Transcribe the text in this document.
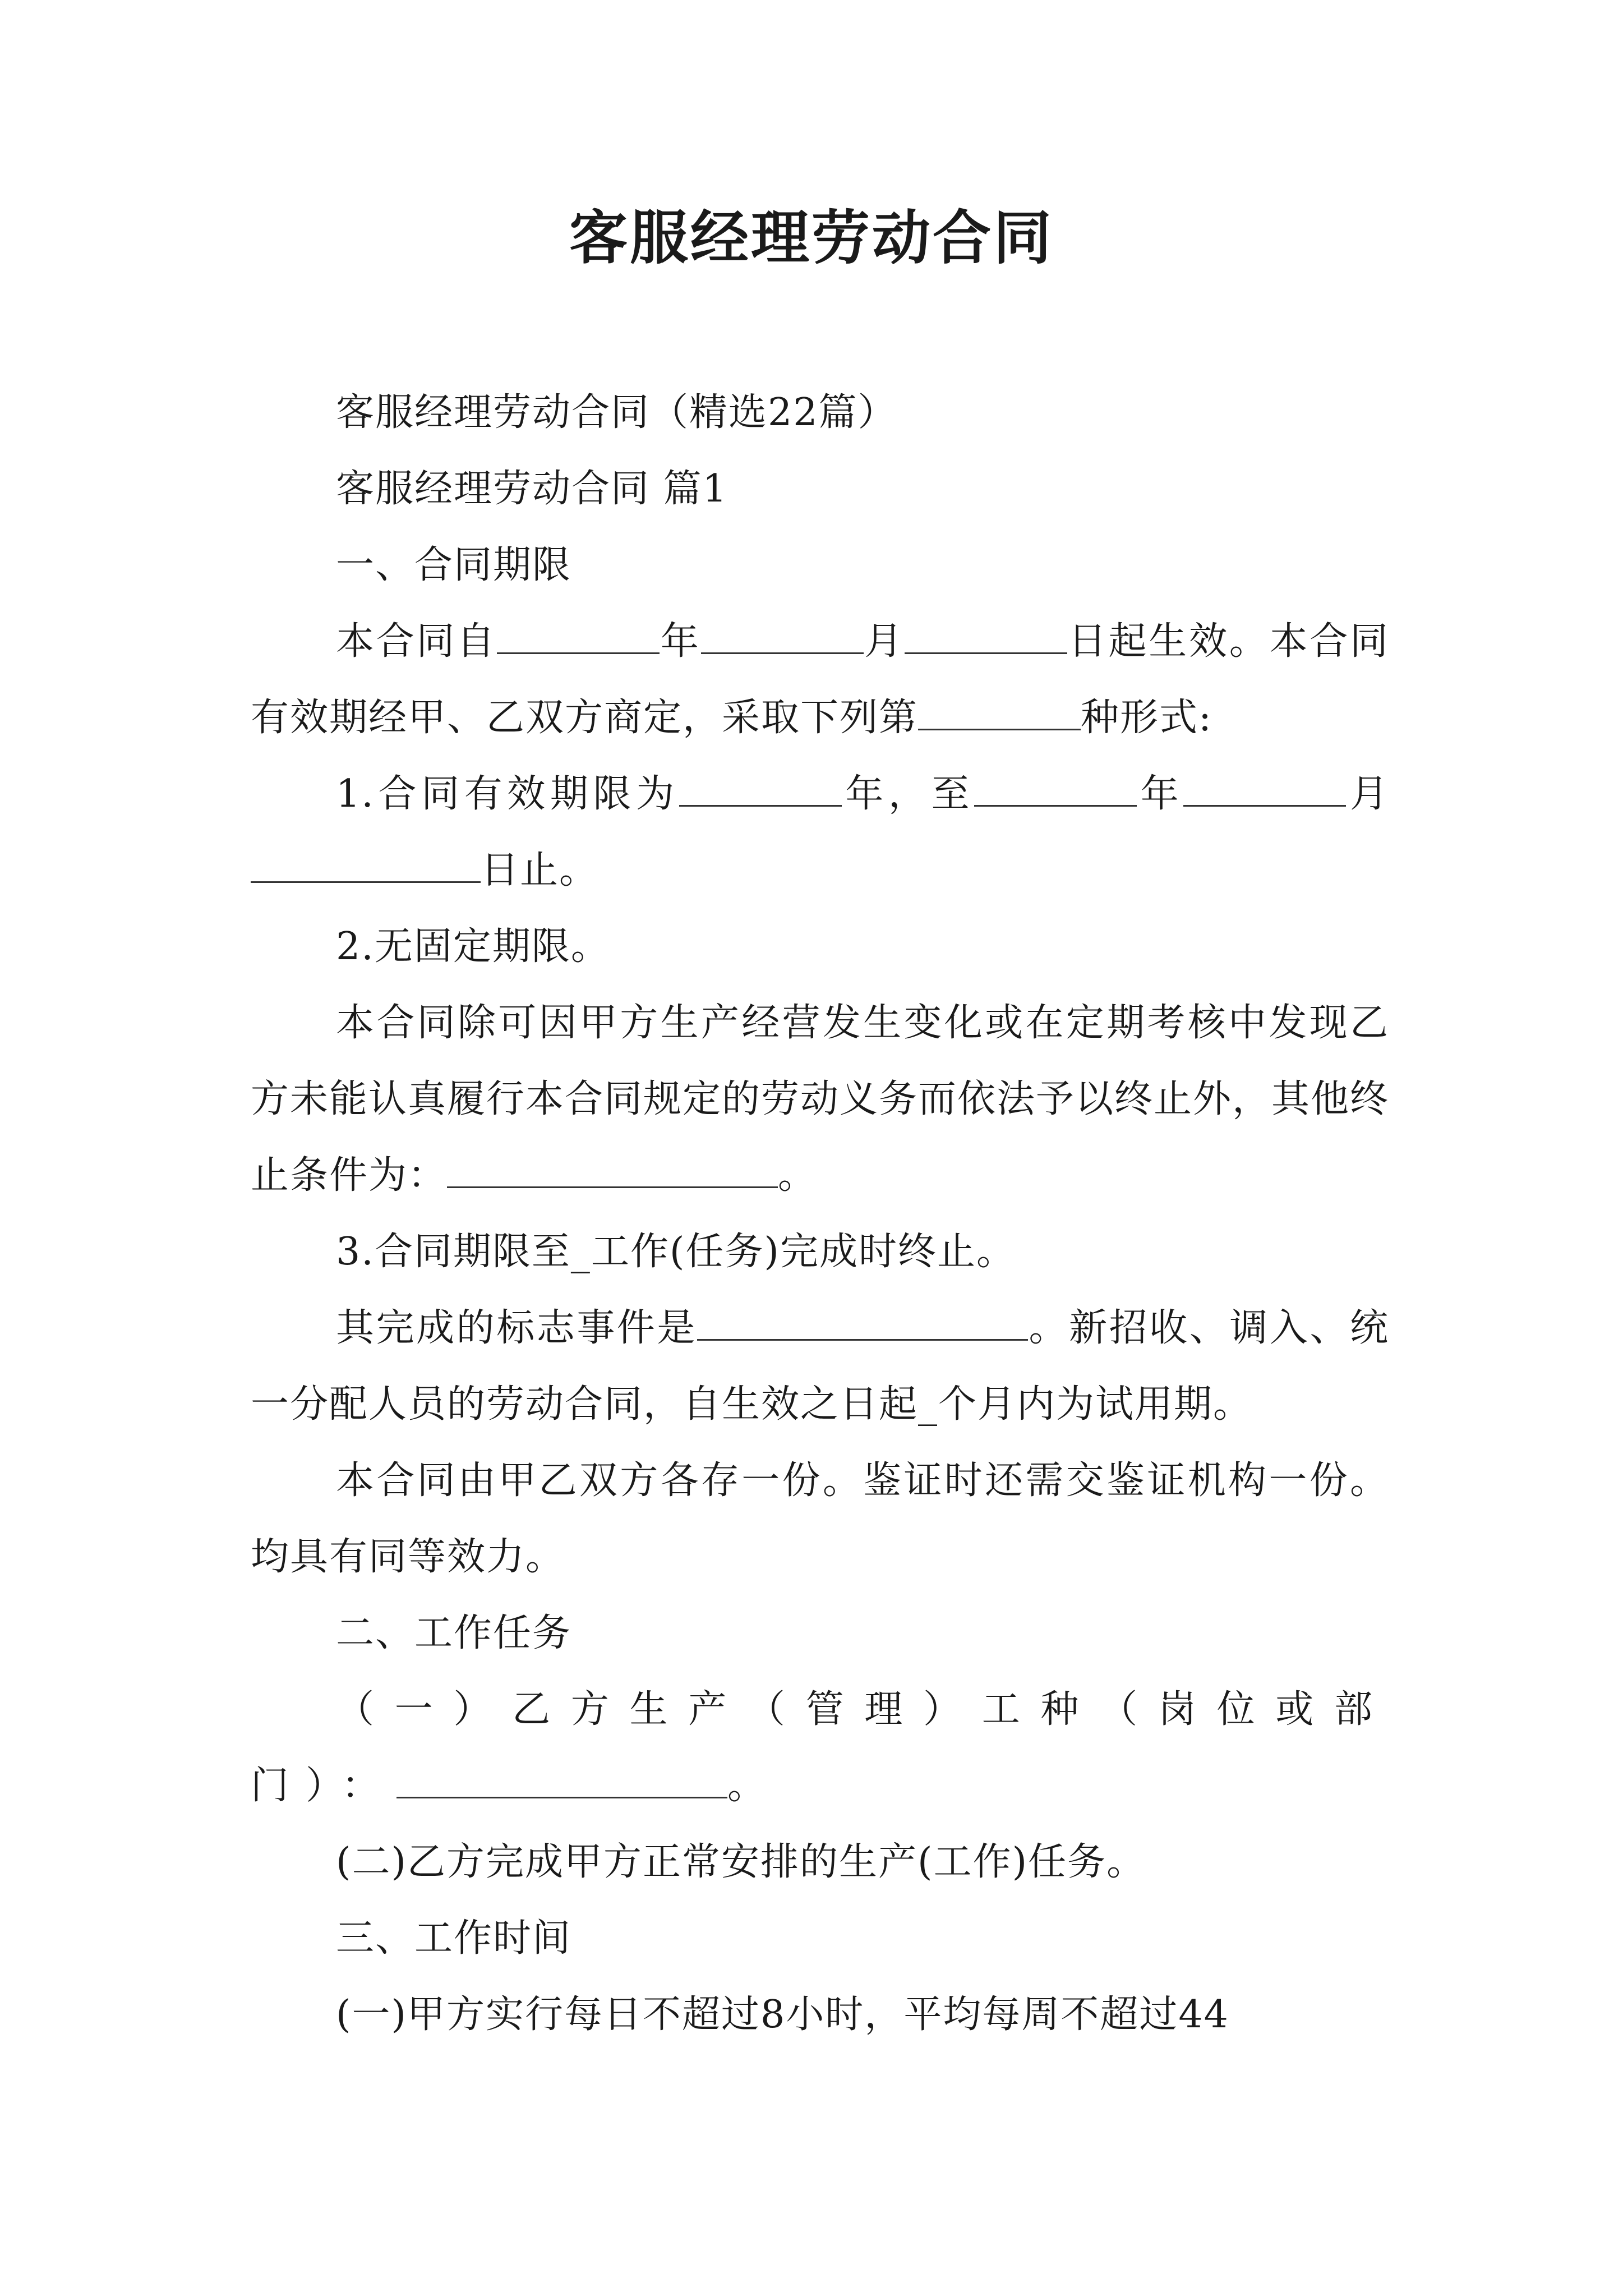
客服经理劳动合同

客服经理劳动合同（精选22篇）

客服经理劳动合同 篇1

一、合同期限

本合同自	年	月	日起生效。本合同有效期经甲、乙双方商定，采取下列第	种形式:

1.合同有效期限为	年，至	年	月日止。

2.无固定期限。

本合同除可因甲方生产经营发生变化或在定期考核中发现乙方未能认真履行本合同规定的劳动义务而依法予以终止外，其他终止条件为：	。

3.合同期限至_工作(任务)完成时终止。

其完成的标志事件是	。新招收、调入、统一分配人员的劳动合同，自生效之日起_个月内为试用期。

本合同由甲乙双方各存一份。鉴证时还需交鉴证机构一份。均具有同等效力。

二、工作任务

（一）乙方生产（管理）工种（岗位或部门）：	。

(二)乙方完成甲方正常安排的生产(工作)任务。

三、工作时间

(一)甲方实行每日不超过8小时，平均每周不超过44
